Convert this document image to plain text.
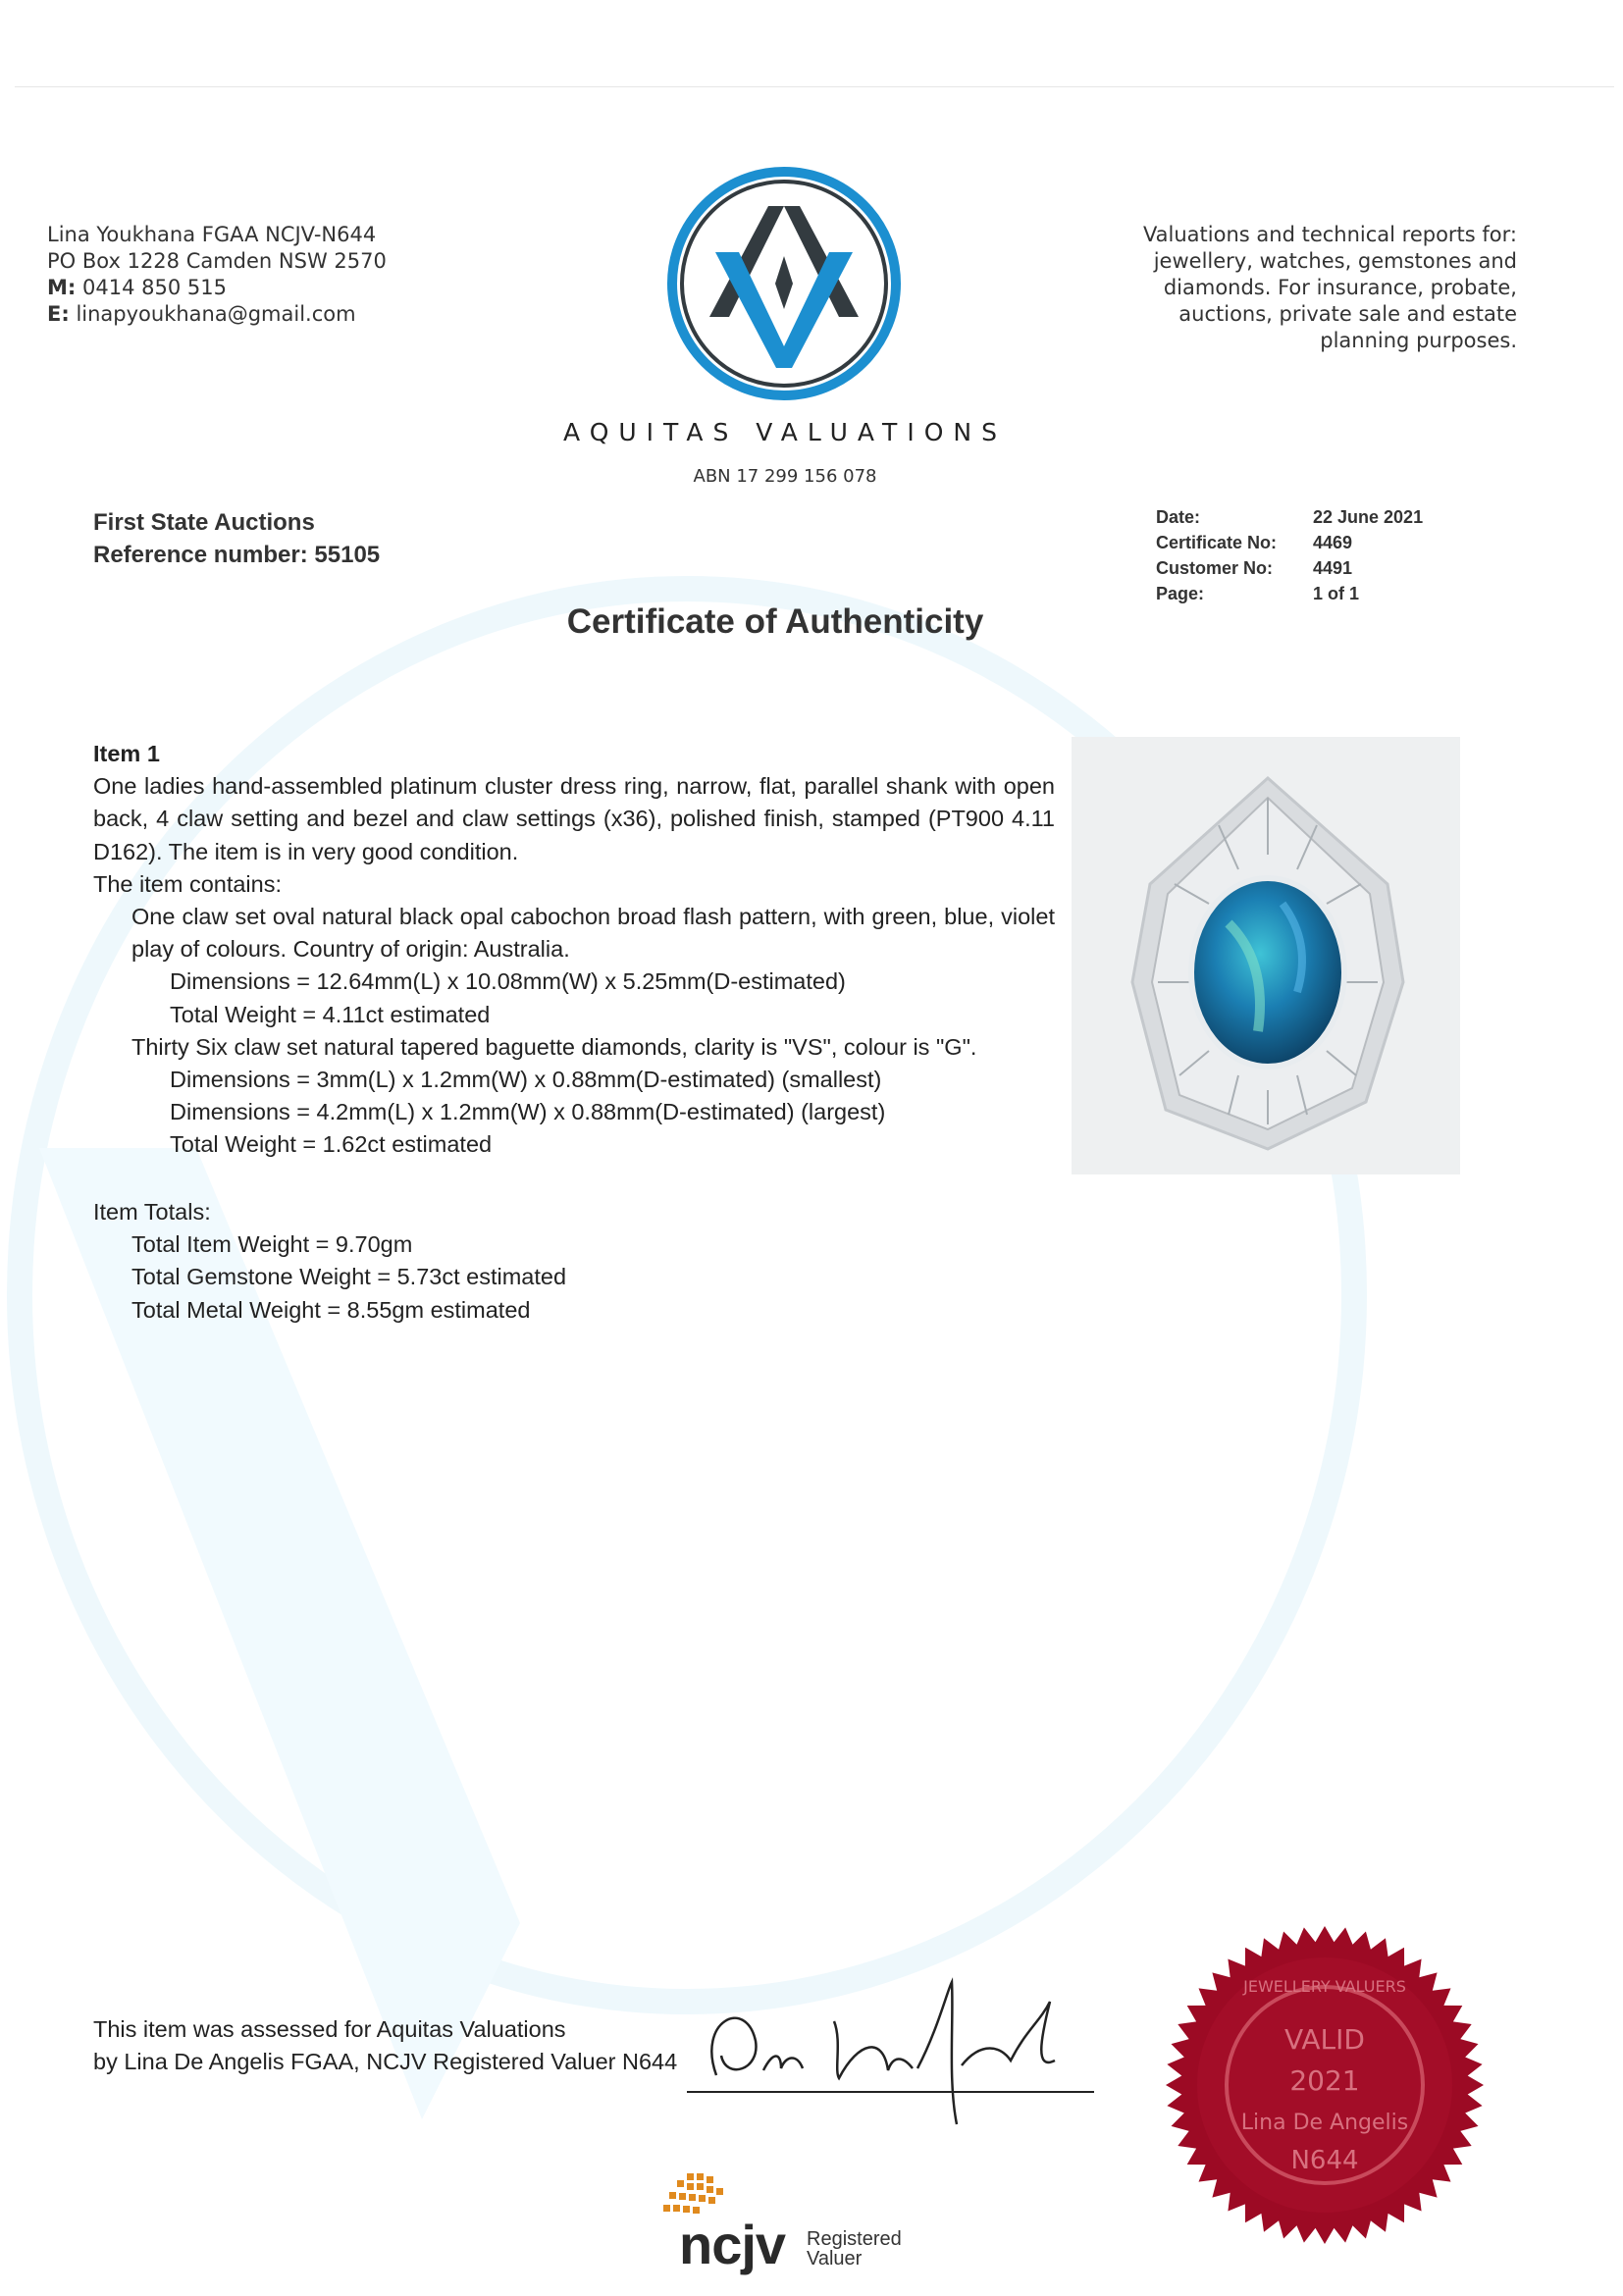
Lina Youkhana FGAA NCJV-N644
PO Box 1228 Camden NSW 2570
M: 0414 850 515
E: linapyoukhana@gmail.com
Valuations and technical reports for:
jewellery, watches, gemstones and
diamonds. For insurance, probate,
auctions, private sale and estate
planning purposes.
AQUITAS VALUATIONS
ABN 17 299 156 078
First State Auctions
Reference number: 55105
Date:	22 June 2021
Certificate No:	4469
Customer No:	4491
Page:	1 of 1
Certificate of Authenticity
Item 1
One ladies hand-assembled platinum cluster dress ring, narrow, flat, parallel shank with open back, 4 claw setting and bezel and claw settings (x36), polished finish, stamped (PT900 4.11 D162). The item is in very good condition.
The item contains:
One claw set oval natural black opal cabochon broad flash pattern, with green, blue, violet play of colours. Country of origin: Australia.
Dimensions = 12.64mm(L) x 10.08mm(W) x 5.25mm(D-estimated)
Total Weight = 4.11ct estimated
Thirty Six claw set natural tapered baguette diamonds, clarity is "VS", colour is "G".
Dimensions = 3mm(L) x 1.2mm(W) x 0.88mm(D-estimated) (smallest)
Dimensions = 4.2mm(L) x 1.2mm(W) x 0.88mm(D-estimated) (largest)
Total Weight = 1.62ct estimated
Item Totals:
Total Item Weight = 9.70gm
Total Gemstone Weight = 5.73ct estimated
Total Metal Weight = 8.55gm estimated
This item was assessed for Aquitas Valuations
by Lina De Angelis FGAA, NCJV Registered Valuer N644
JEWELLERY VALUERS
VALID
2021
Lina De Angelis
N644
ncjv Registered
Valuer
